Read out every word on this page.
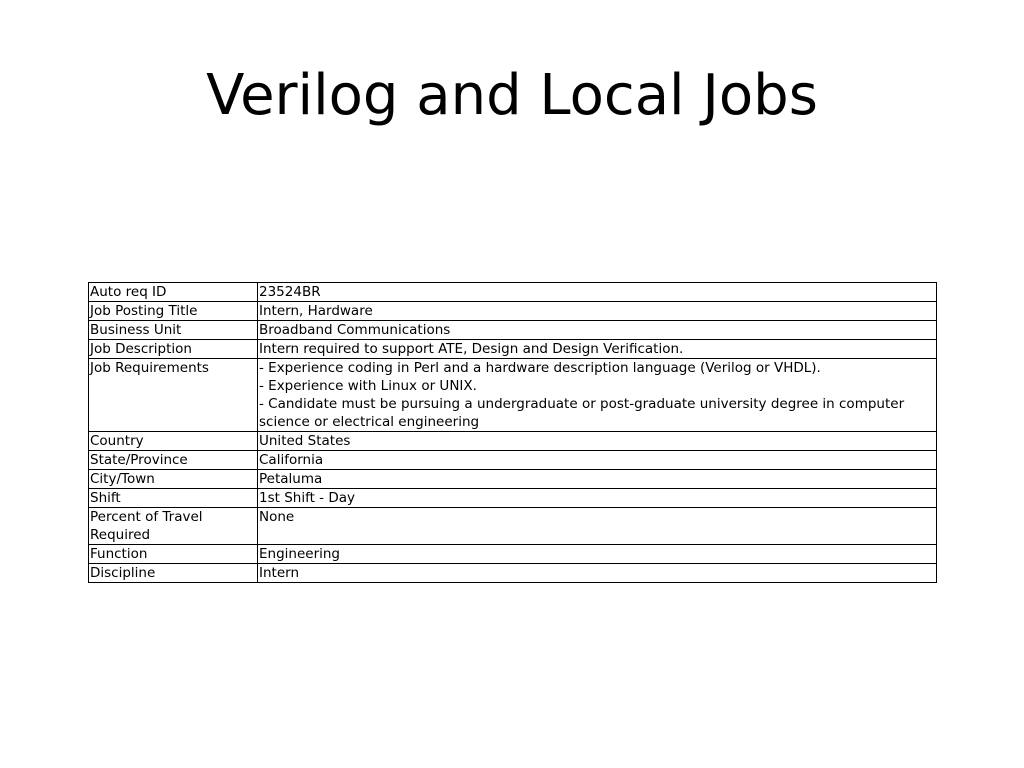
Verilog and Local Jobs
Auto req ID	23524BR
Job Posting Title	Intern, Hardware
Business Unit	Broadband Communications
Job Description	Intern required to support ATE, Design and Design Verification.
Job Requirements	- Experience coding in Perl and a hardware description language (Verilog or VHDL).
- Experience with Linux or UNIX.
- Candidate must be pursuing a undergraduate or post-graduate university degree in computer science or electrical engineering

Country	United States
State/Province	California
City/Town	Petaluma
Shift	1st Shift - Day
Percent of Travel Required	None
Function	Engineering
Discipline	Intern
